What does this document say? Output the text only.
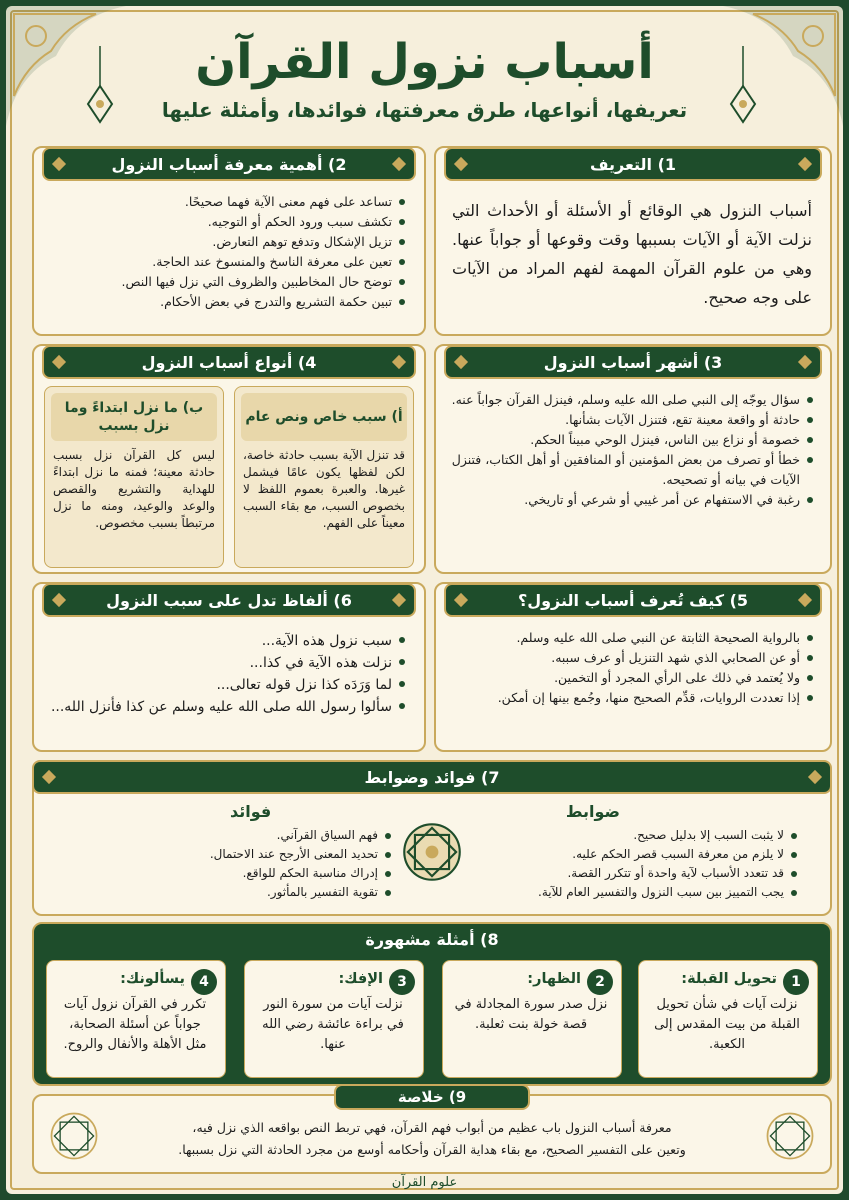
أسباب نزول القرآن
تعريفها، أنواعها، طرق معرفتها، فوائدها، وأمثلة عليها
1) التعريف
أسباب النزول هي الوقائع أو الأسئلة أو الأحداث التي نزلت الآية أو الآيات بسببها وقت وقوعها أو جواباً عنها. وهي من علوم القرآن المهمة لفهم المراد من الآيات على وجه صحيح.
2) أهمية معرفة أسباب النزول
تساعد على فهم معنى الآية فهما صحيحًا.
تكشف سبب ورود الحكم أو التوجيه.
تزيل الإشكال وتدفع توهم التعارض.
تعين على معرفة الناسخ والمنسوخ عند الحاجة.
توضح حال المخاطبين والظروف التي نزل فيها النص.
تبين حكمة التشريع والتدرج في بعض الأحكام.
3) أشهر أسباب النزول
سؤال يوجّه إلى النبي صلى الله عليه وسلم، فينزل القرآن جواباً عنه.
حادثة أو واقعة معينة تقع، فتنزل الآيات بشأنها.
خصومة أو نزاع بين الناس، فينزل الوحي مبيناً الحكم.
خطأ أو تصرف من بعض المؤمنين أو المنافقين أو أهل الكتاب، فتنزل الآيات في بيانه أو تصحيحه.
رغبة في الاستفهام عن أمر غيبي أو شرعي أو تاريخي.
4) أنواع أسباب النزول
أ) سبب خاص ونص عام
قد تنزل الآية بسبب حادثة خاصة، لكن لفظها يكون عامًا فيشمل غيرها. والعبرة بعموم اللفظ لا بخصوص السبب، مع بقاء السبب معيناً على الفهم.
ب) ما نزل ابتداءً وما نزل بسبب
ليس كل القرآن نزل بسبب حادثة معينة؛ فمنه ما نزل ابتداءً للهداية والتشريع والقصص والوعد والوعيد، ومنه ما نزل مرتبطاً بسبب مخصوص.
5) كيف تُعرف أسباب النزول؟
بالرواية الصحيحة الثابتة عن النبي صلى الله عليه وسلم.
أو عن الصحابي الذي شهد التنزيل أو عرف سببه.
ولا يُعتمد في ذلك على الرأي المجرد أو التخمين.
إذا تعددت الروايات، قدِّم الصحيح منها، وجُمع بينها إن أمكن.
6) ألفاظ تدل على سبب النزول
سبب نزول هذه الآية...
نزلت هذه الآية في كذا...
لما وَرَدَه كذا نزل قوله تعالى...
سألوا رسول الله صلى الله عليه وسلم عن كذا فأنزل الله...
7) فوائد وضوابط
ضوابط
لا يثبت السبب إلا بدليل صحيح.
لا يلزم من معرفة السبب قصر الحكم عليه.
قد تتعدد الأسباب لآية واحدة أو تتكرر القصة.
يجب التمييز بين سبب النزول والتفسير العام للآية.
فوائد
فهم السياق القرآني.
تحديد المعنى الأرجح عند الاحتمال.
إدراك مناسبة الحكم للواقع.
تقوية التفسير بالمأثور.
8) أمثلة مشهورة
1
تحويل القبلة:
نزلت آيات في شأن تحويل القبلة من بيت المقدس إلى الكعبة.
2
الظهار:
نزل صدر سورة المجادلة في قصة خولة بنت ثعلبة.
3
الإفك:
نزلت آيات من سورة النور في براءة عائشة رضي الله عنها.
4
يسألونك:
تكرر في القرآن نزول آيات جواباً عن أسئلة الصحابة، مثل الأهلة والأنفال والروح.
9) خلاصة
معرفة أسباب النزول باب عظيم من أبواب فهم القرآن، فهي تربط النص بواقعه الذي نزل فيه،
وتعين على التفسير الصحيح، مع بقاء هداية القرآن وأحكامه أوسع من مجرد الحادثة التي نزل بسببها.
علوم القرآن
